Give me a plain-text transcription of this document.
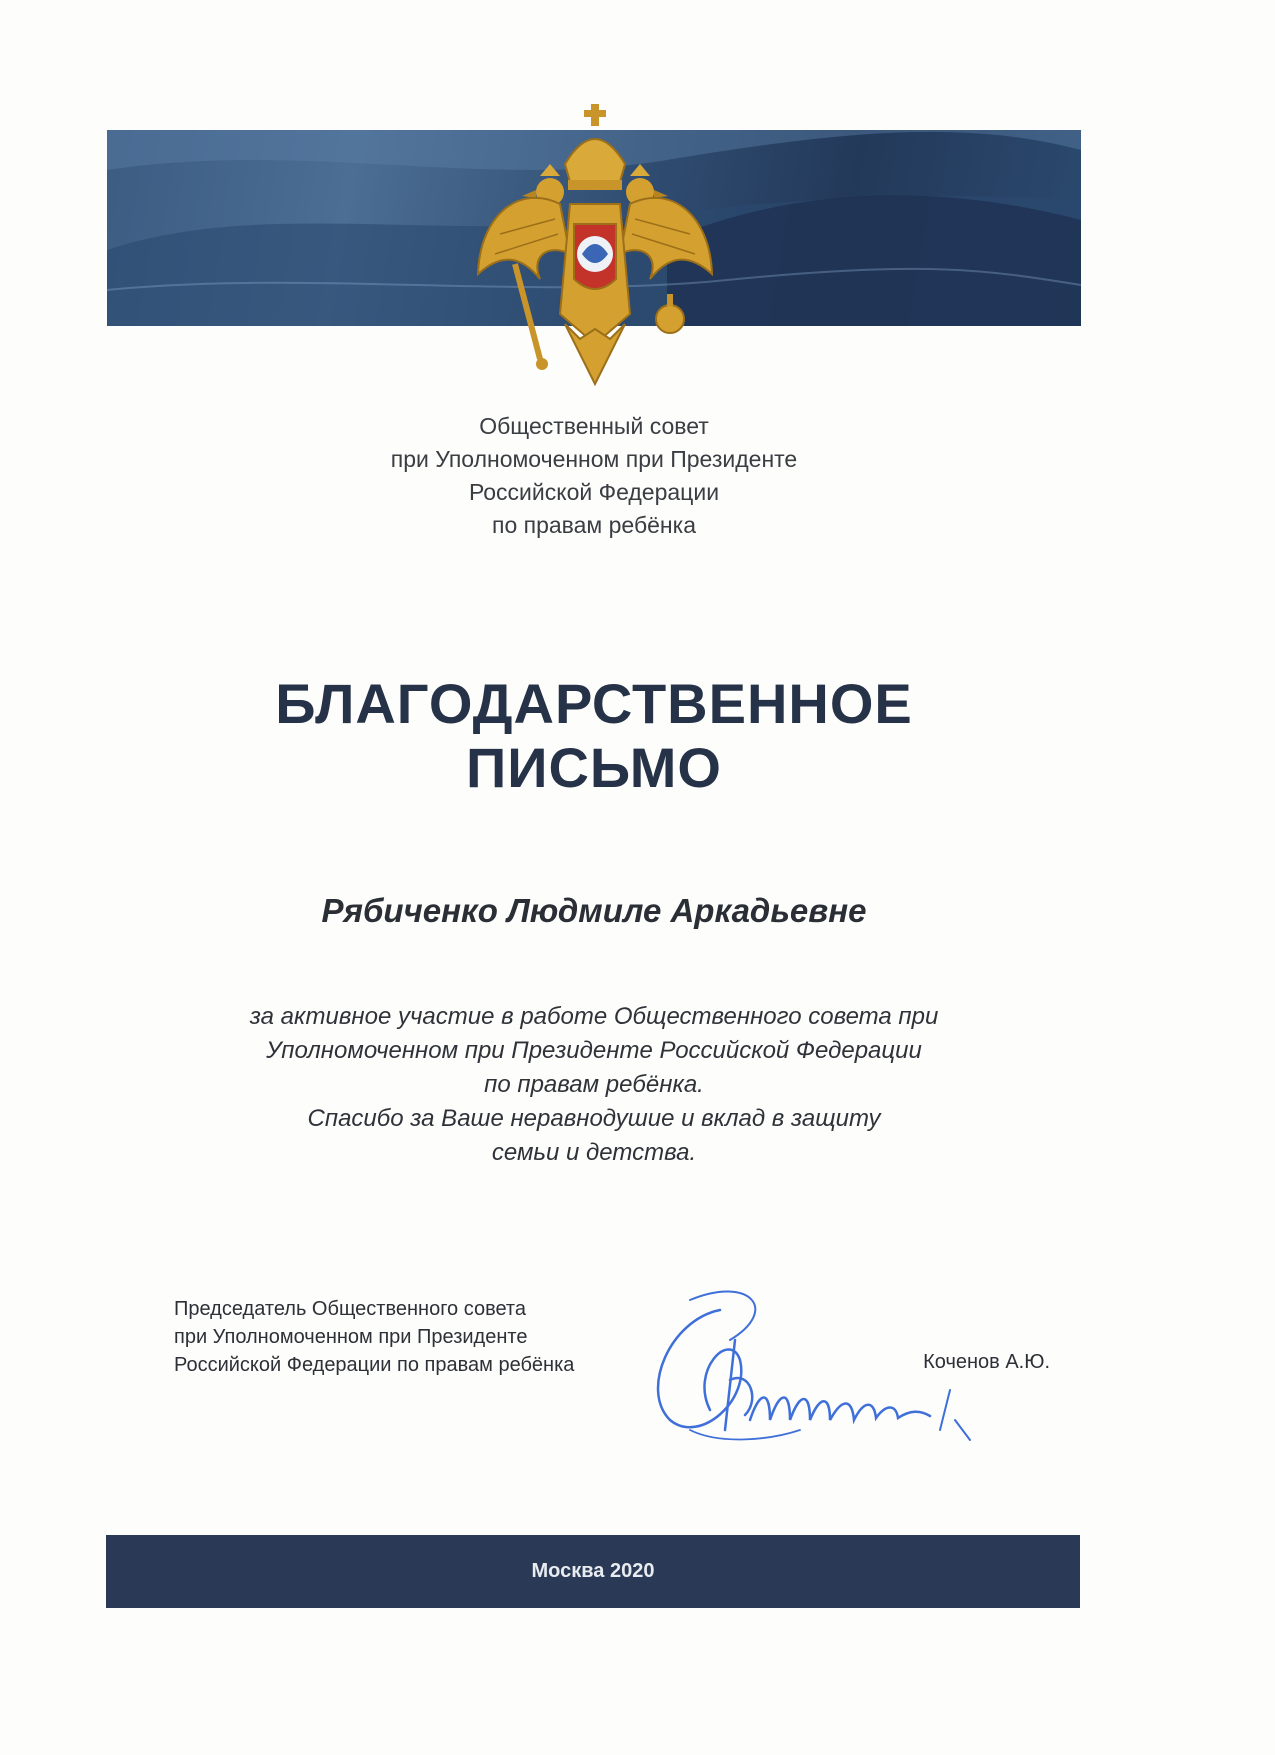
Общественный совет
при Уполномоченном при Президенте
Российской Федерации
по правам ребёнка
БЛАГОДАРСТВЕННОЕ
ПИСЬМО
Рябиченко Людмиле Аркадьевне
за активное участие в работе Общественного совета при
Уполномоченном при Президенте Российской Федерации
по правам ребёнка.
Спасибо за Ваше неравнодушие и вклад в защиту
семьи и детства.
Председатель Общественного совета
при Уполномоченном при Президенте
Российской Федерации по правам ребёнка	Коченов А.Ю.
Москва 2020
